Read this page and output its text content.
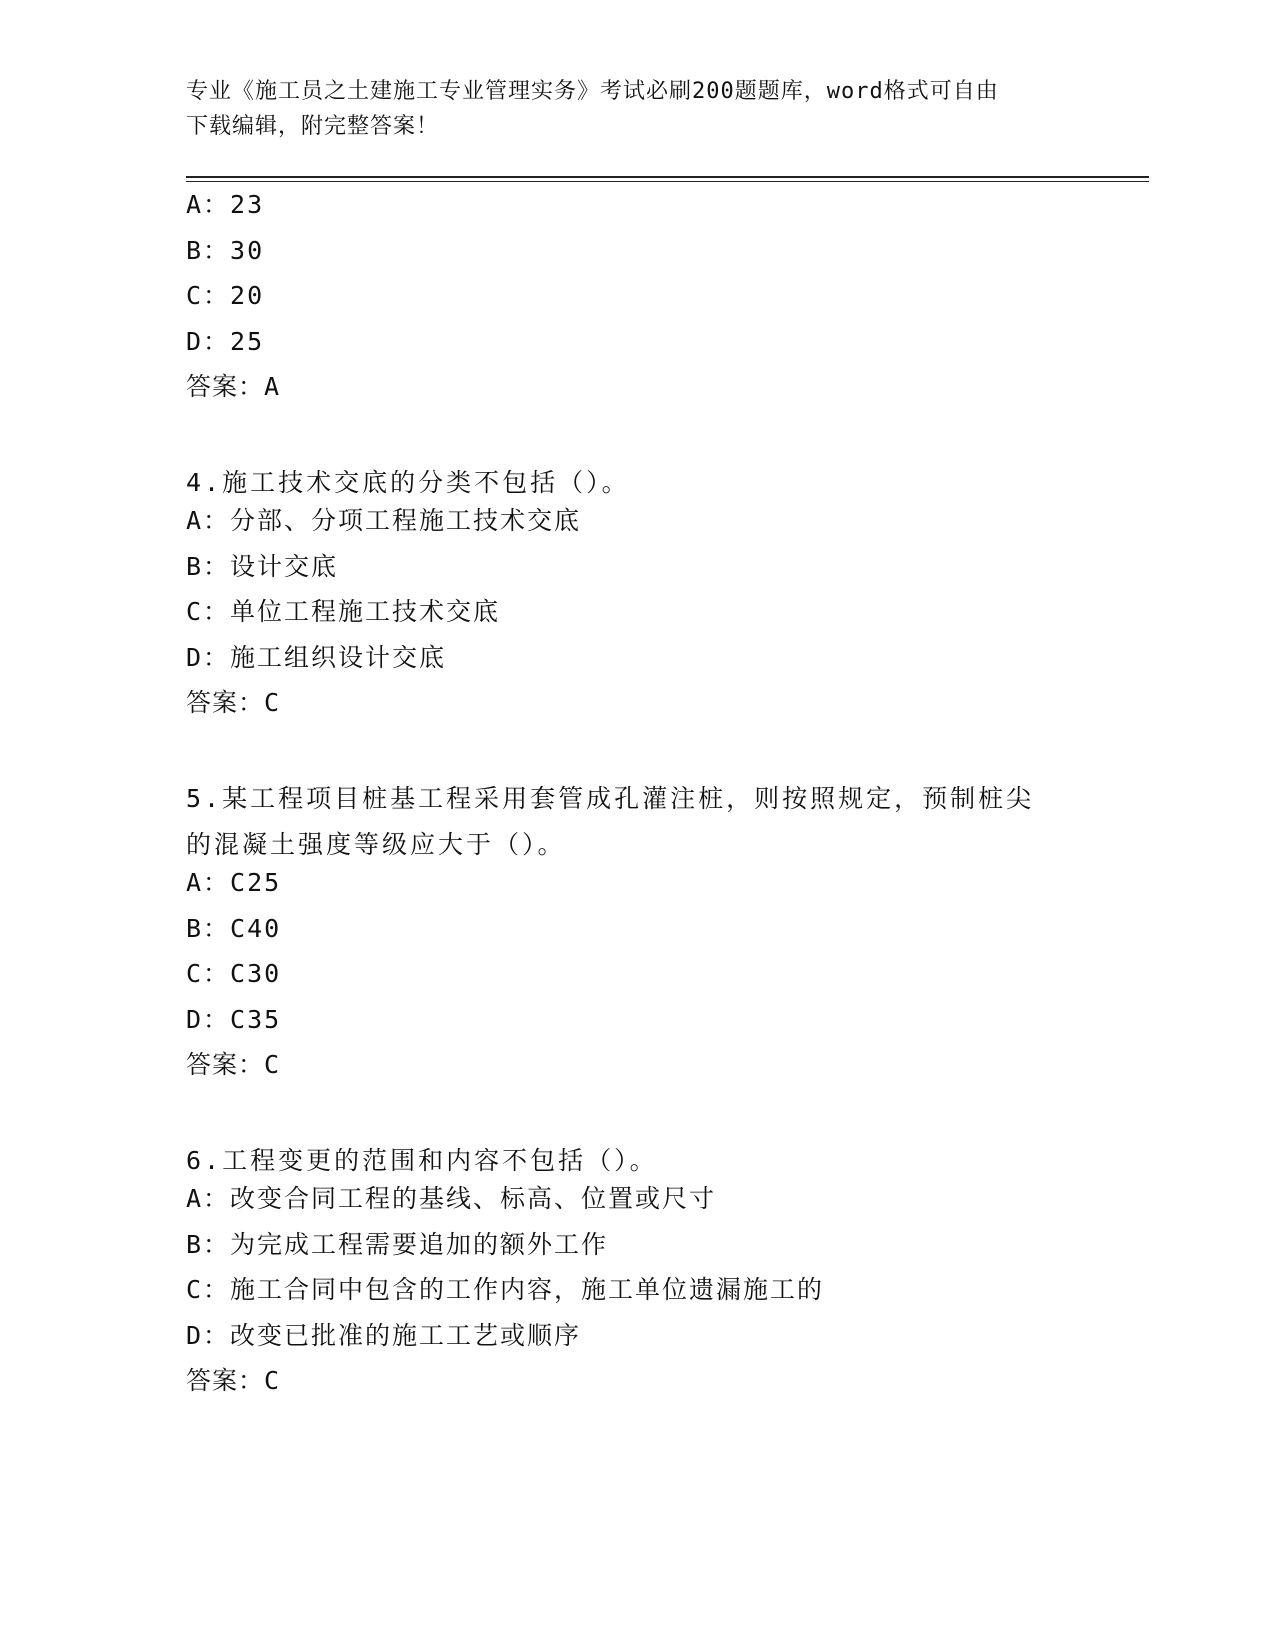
专业《施工员之土建施工专业管理实务》考试必刷200题题库，word格式可自由
下载编辑，附完整答案！
A：23
B：30
C：20
D：25
答案：A
4.施工技术交底的分类不包括（）。
A：分部、分项工程施工技术交底
B：设计交底
C：单位工程施工技术交底
D：施工组织设计交底
答案：C
5.某工程项目桩基工程采用套管成孔灌注桩，则按照规定，预制桩尖
的混凝土强度等级应大于（）。
A：C25
B：C40
C：C30
D：C35
答案：C
6.工程变更的范围和内容不包括（）。
A：改变合同工程的基线、标高、位置或尺寸
B：为完成工程需要追加的额外工作
C：施工合同中包含的工作内容，施工单位遗漏施工的
D：改变已批准的施工工艺或顺序
答案：C
